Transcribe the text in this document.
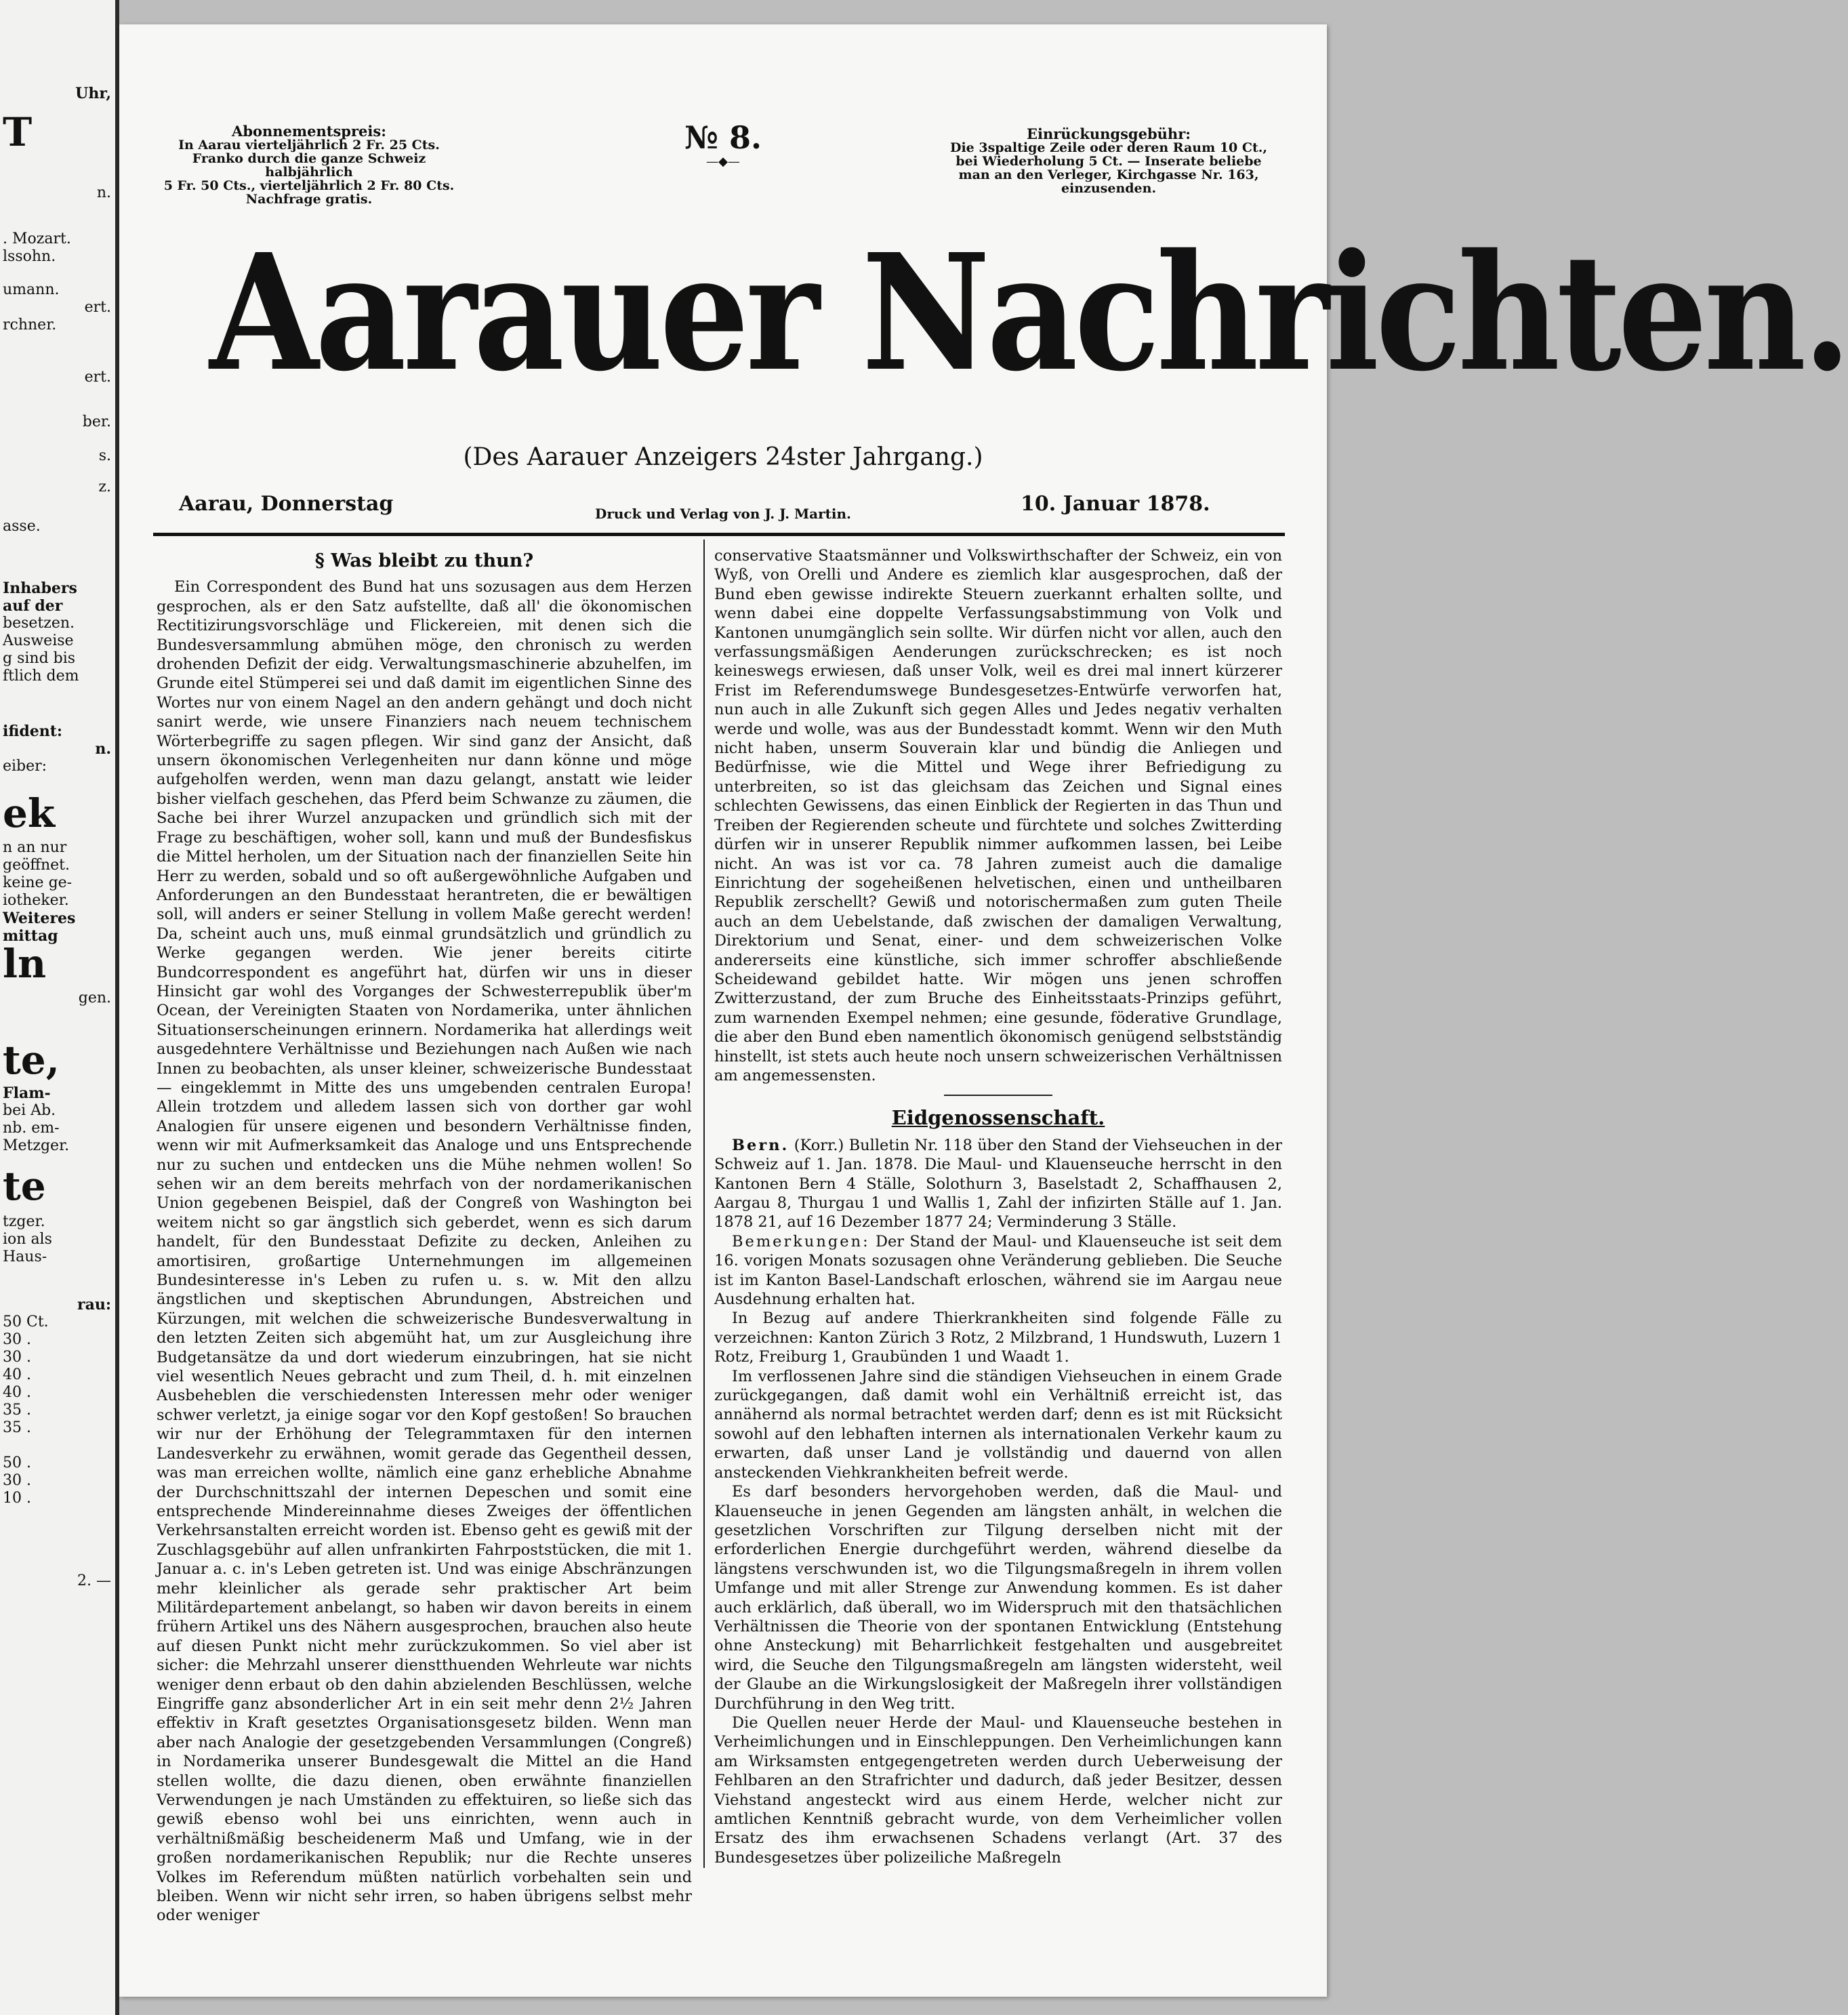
Uhr,
T
n.
. Mozart.
lssohn.
umann.
ert.
rchner.
ert.
ber.
s.
z.
asse.
Inhabers
auf der
besetzen.
Ausweise
g sind bis
ftlich dem
ifident:
n.
eiber:
ek
n an nur
geöffnet.
keine ge-
iotheker.
Weiteres
mittag
ln
gen.
te,
Flam-
bei Ab.
nb. em-
Metzger.
te
tzger.
ion als
Haus-
rau:
50 Ct.
30 .
30 .
40 .
40 .
35 .
35 .
50 .
30 .
10 .
2. —
Abonnementspreis:
In Aarau vierteljährlich 2 Fr. 25 Cts.
Franko durch die ganze Schweiz halbjährlich
5 Fr. 50 Cts., vierteljährlich 2 Fr. 80 Cts.
Nachfrage gratis.
№ 8.
—◆—
Einrückungsgebühr:
Die 3spaltige Zeile oder deren Raum 10 Ct.,
bei Wiederholung 5 Ct. — Inserate beliebe
man an den Verleger, Kirchgasse Nr. 163,
einzusenden.
Aarauer Nachrichten.
(Des Aarauer Anzeigers 24ster Jahrgang.)
Aarau, Donnerstag	Druck und Verlag von J. J. Martin.	10. Januar 1878.
§ Was bleibt zu thun?

Ein Correspondent des Bund hat uns sozusagen aus dem Herzen gesprochen, als er den Satz aufstellte, daß all' die ökonomischen Rectitizirungsvorschläge und Flickereien, mit denen sich die Bundesversammlung abmühen möge, den chronisch zu werden drohenden Defizit der eidg. Verwaltungsmaschinerie abzuhelfen, im Grunde eitel Stümperei sei und daß damit im eigentlichen Sinne des Wortes nur von einem Nagel an den andern gehängt und doch nicht sanirt werde, wie unsere Finanziers nach neuem technischem Wörterbegriffe zu sagen pflegen. Wir sind ganz der Ansicht, daß unsern ökonomischen Verlegenheiten nur dann könne und möge aufgeholfen werden, wenn man dazu gelangt, anstatt wie leider bisher vielfach geschehen, das Pferd beim Schwanze zu zäumen, die Sache bei ihrer Wurzel anzupacken und gründlich sich mit der Frage zu beschäftigen, woher soll, kann und muß der Bundesfiskus die Mittel herholen, um der Situation nach der finanziellen Seite hin Herr zu werden, sobald und so oft außergewöhnliche Aufgaben und Anforderungen an den Bundesstaat herantreten, die er bewältigen soll, will anders er seiner Stellung in vollem Maße gerecht werden! Da, scheint auch uns, muß einmal grundsätzlich und gründlich zu Werke gegangen werden. Wie jener bereits citirte Bundcorrespondent es angeführt hat, dürfen wir uns in dieser Hinsicht gar wohl des Vorganges der Schwesterrepublik über'm Ocean, der Vereinigten Staaten von Nordamerika, unter ähnlichen Situationserscheinungen erinnern. Nordamerika hat allerdings weit ausgedehntere Verhältnisse und Beziehungen nach Außen wie nach Innen zu beobachten, als unser kleiner, schweizerische Bundesstaat — eingeklemmt in Mitte des uns umgebenden centralen Europa! Allein trotzdem und alledem lassen sich von dorther gar wohl Analogien für unsere eigenen und besondern Verhältnisse finden, wenn wir mit Aufmerksamkeit das Analoge und uns Entsprechende nur zu suchen und entdecken uns die Mühe nehmen wollen! So sehen wir an dem bereits mehrfach von der nordamerikanischen Union gegebenen Beispiel, daß der Congreß von Washington bei weitem nicht so gar ängstlich sich geberdet, wenn es sich darum handelt, für den Bundesstaat Defizite zu decken, Anleihen zu amortisiren, großartige Unternehmungen im allgemeinen Bundesinteresse in's Leben zu rufen u. s. w. Mit den allzu ängstlichen und skeptischen Abrundungen, Abstreichen und Kürzungen, mit welchen die schweizerische Bundesverwaltung in den letzten Zeiten sich abgemüht hat, um zur Ausgleichung ihre Budgetansätze da und dort wiederum einzubringen, hat sie nicht viel wesentlich Neues gebracht und zum Theil, d. h. mit einzelnen Ausbeheblen die verschiedensten Interessen mehr oder weniger schwer verletzt, ja einige sogar vor den Kopf gestoßen! So brauchen wir nur der Erhöhung der Telegrammtaxen für den internen Landesverkehr zu erwähnen, womit gerade das Gegentheil dessen, was man erreichen wollte, nämlich eine ganz erhebliche Abnahme der Durchschnittszahl der internen Depeschen und somit eine entsprechende Mindereinnahme dieses Zweiges der öffentlichen Verkehrsanstalten erreicht worden ist. Ebenso geht es gewiß mit der Zuschlagsgebühr auf allen unfrankirten Fahrpoststücken, die mit 1. Januar a. c. in's Leben getreten ist. Und was einige Abschränzungen mehr kleinlicher als gerade sehr praktischer Art beim Militärdepartement anbelangt, so haben wir davon bereits in einem frühern Artikel uns des Nähern ausgesprochen, brauchen also heute auf diesen Punkt nicht mehr zurückzukommen. So viel aber ist sicher: die Mehrzahl unserer dienstthuenden Wehrleute war nichts weniger denn erbaut ob den dahin abzielenden Beschlüssen, welche Eingriffe ganz absonderlicher Art in ein seit mehr denn 2½ Jahren effektiv in Kraft gesetztes Organisationsgesetz bilden. Wenn man aber nach Analogie der gesetzgebenden Versammlungen (Congreß) in Nordamerika unserer Bundesgewalt die Mittel an die Hand stellen wollte, die dazu dienen, oben erwähnte finanziellen Verwendungen je nach Umständen zu effektuiren, so ließe sich das gewiß ebenso wohl bei uns einrichten, wenn auch in verhältnißmäßig bescheidenerm Maß und Umfang, wie in der großen nordamerikanischen Republik; nur die Rechte unseres Volkes im Referendum müßten natürlich vorbehalten sein und bleiben. Wenn wir nicht sehr irren, so haben übrigens selbst mehr oder weniger

conservative Staatsmänner und Volkswirthschafter der Schweiz, ein von Wyß, von Orelli und Andere es ziemlich klar ausgesprochen, daß der Bund eben gewisse indirekte Steuern zuerkannt erhalten sollte, und wenn dabei eine doppelte Verfassungsabstimmung von Volk und Kantonen unumgänglich sein sollte. Wir dürfen nicht vor allen, auch den verfassungsmäßigen Aenderungen zurückschrecken; es ist noch keineswegs erwiesen, daß unser Volk, weil es drei mal innert kürzerer Frist im Referendumswege Bundesgesetzes-Entwürfe verworfen hat, nun auch in alle Zukunft sich gegen Alles und Jedes negativ verhalten werde und wolle, was aus der Bundesstadt kommt. Wenn wir den Muth nicht haben, unserm Souverain klar und bündig die Anliegen und Bedürfnisse, wie die Mittel und Wege ihrer Befriedigung zu unterbreiten, so ist das gleichsam das Zeichen und Signal eines schlechten Gewissens, das einen Einblick der Regierten in das Thun und Treiben der Regierenden scheute und fürchtete und solches Zwitterding dürfen wir in unserer Republik nimmer aufkommen lassen, bei Leibe nicht. An was ist vor ca. 78 Jahren zumeist auch die damalige Einrichtung der sogeheißenen helvetischen, einen und untheilbaren Republik zerschellt? Gewiß und notorischermaßen zum guten Theile auch an dem Uebelstande, daß zwischen der damaligen Verwaltung, Direktorium und Senat, einer- und dem schweizerischen Volke andererseits eine künstliche, sich immer schroffer abschließende Scheidewand gebildet hatte. Wir mögen uns jenen schroffen Zwitterzustand, der zum Bruche des Einheitsstaats-Prinzips geführt, zum warnenden Exempel nehmen; eine gesunde, föderative Grundlage, die aber den Bund eben namentlich ökonomisch genügend selbstständig hinstellt, ist stets auch heute noch unsern schweizerischen Verhältnissen am angemessensten.

Eidgenossenschaft.

Bern. (Korr.) Bulletin Nr. 118 über den Stand der Viehseuchen in der Schweiz auf 1. Jan. 1878. Die Maul- und Klauenseuche herrscht in den Kantonen Bern 4 Ställe, Solothurn 3, Baselstadt 2, Schaffhausen 2, Aargau 8, Thurgau 1 und Wallis 1, Zahl der infizirten Ställe auf 1. Jan. 1878 21, auf 16 Dezember 1877 24; Verminderung 3 Ställe.

Bemerkungen: Der Stand der Maul- und Klauenseuche ist seit dem 16. vorigen Monats sozusagen ohne Veränderung geblieben. Die Seuche ist im Kanton Basel-Landschaft erloschen, während sie im Aargau neue Ausdehnung erhalten hat.

In Bezug auf andere Thierkrankheiten sind folgende Fälle zu verzeichnen: Kanton Zürich 3 Rotz, 2 Milzbrand, 1 Hundswuth, Luzern 1 Rotz, Freiburg 1, Graubünden 1 und Waadt 1.

Im verflossenen Jahre sind die ständigen Viehseuchen in einem Grade zurückgegangen, daß damit wohl ein Verhältniß erreicht ist, das annähernd als normal betrachtet werden darf; denn es ist mit Rücksicht sowohl auf den lebhaften internen als internationalen Verkehr kaum zu erwarten, daß unser Land je vollständig und dauernd von allen ansteckenden Viehkrankheiten befreit werde.

Es darf besonders hervorgehoben werden, daß die Maul- und Klauenseuche in jenen Gegenden am längsten anhält, in welchen die gesetzlichen Vorschriften zur Tilgung derselben nicht mit der erforderlichen Energie durchgeführt werden, während dieselbe da längstens verschwunden ist, wo die Tilgungsmaßregeln in ihrem vollen Umfange und mit aller Strenge zur Anwendung kommen. Es ist daher auch erklärlich, daß überall, wo im Widerspruch mit den thatsächlichen Verhältnissen die Theorie von der spontanen Entwicklung (Entstehung ohne Ansteckung) mit Beharrlichkeit festgehalten und ausgebreitet wird, die Seuche den Tilgungsmaßregeln am längsten widersteht, weil der Glaube an die Wirkungslosigkeit der Maßregeln ihrer vollständigen Durchführung in den Weg tritt.

Die Quellen neuer Herde der Maul- und Klauenseuche bestehen in Verheimlichungen und in Einschleppungen. Den Verheimlichungen kann am Wirksamsten entgegengetreten werden durch Ueberweisung der Fehlbaren an den Strafrichter und dadurch, daß jeder Besitzer, dessen Viehstand angesteckt wird aus einem Herde, welcher nicht zur amtlichen Kenntniß gebracht wurde, von dem Verheimlicher vollen Ersatz des ihm erwachsenen Schadens verlangt (Art. 37 des Bundesgesetzes über polizeiliche Maßregeln
